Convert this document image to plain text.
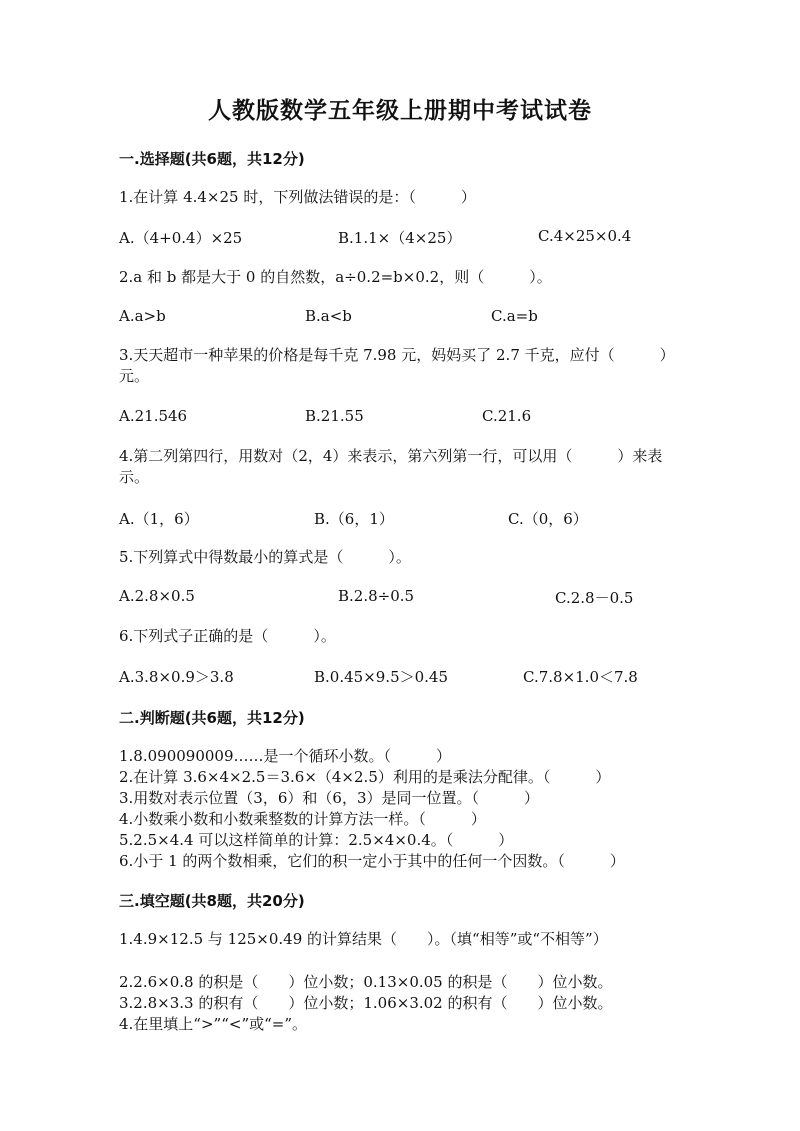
人教版数学五年级上册期中考试试卷
一.选择题(共6题，共12分)
1.在计算 4.4×25 时，下列做法错误的是：（　　　）
A.（4+0.4）×25	B.1.1×（4×25）	C.4×25×0.4
2.a 和 b 都是大于 0 的自然数，a÷0.2=b×0.2，则（　　　）。
A.a>b	B.a<b	C.a=b
3.天天超市一种苹果的价格是每千克 7.98 元，妈妈买了 2.7 千克，应付（　　　）元。
A.21.546	B.21.55	C.21.6
4.第二列第四行，用数对（2，4）来表示，第六列第一行，可以用（　　　）来表示。
A.（1，6）	B.（6，1）	C.（0，6）
5.下列算式中得数最小的算式是（　　　）。
A.2.8×0.5	B.2.8÷0.5	C.2.8－0.5
6.下列式子正确的是（　　　）。
A.3.8×0.9＞3.8	B.0.45×9.5＞0.45	C.7.8×1.0＜7.8
二.判断题(共6题，共12分)
1.8.090090009……是一个循环小数。（　　　）
2.在计算 3.6×4×2.5＝3.6×（4×2.5）利用的是乘法分配律。（　　　）
3.用数对表示位置（3，6）和（6，3）是同一位置。（　　　）
4.小数乘小数和小数乘整数的计算方法一样。（　　　）
5.2.5×4.4 可以这样简单的计算：2.5×4×0.4。（　　　）
6.小于 1 的两个数相乘，它们的积一定小于其中的任何一个因数。（　　　）
三.填空题(共8题，共20分)
1.4.9×12.5 与 125×0.49 的计算结果（　　）。（填“相等”或“不相等”）
2.2.6×0.8 的积是（　　）位小数；0.13×0.05 的积是（　　）位小数。
3.2.8×3.3 的积有（　　）位小数；1.06×3.02 的积有（　　）位小数。
4.在里填上“>”“<”或“=”。
